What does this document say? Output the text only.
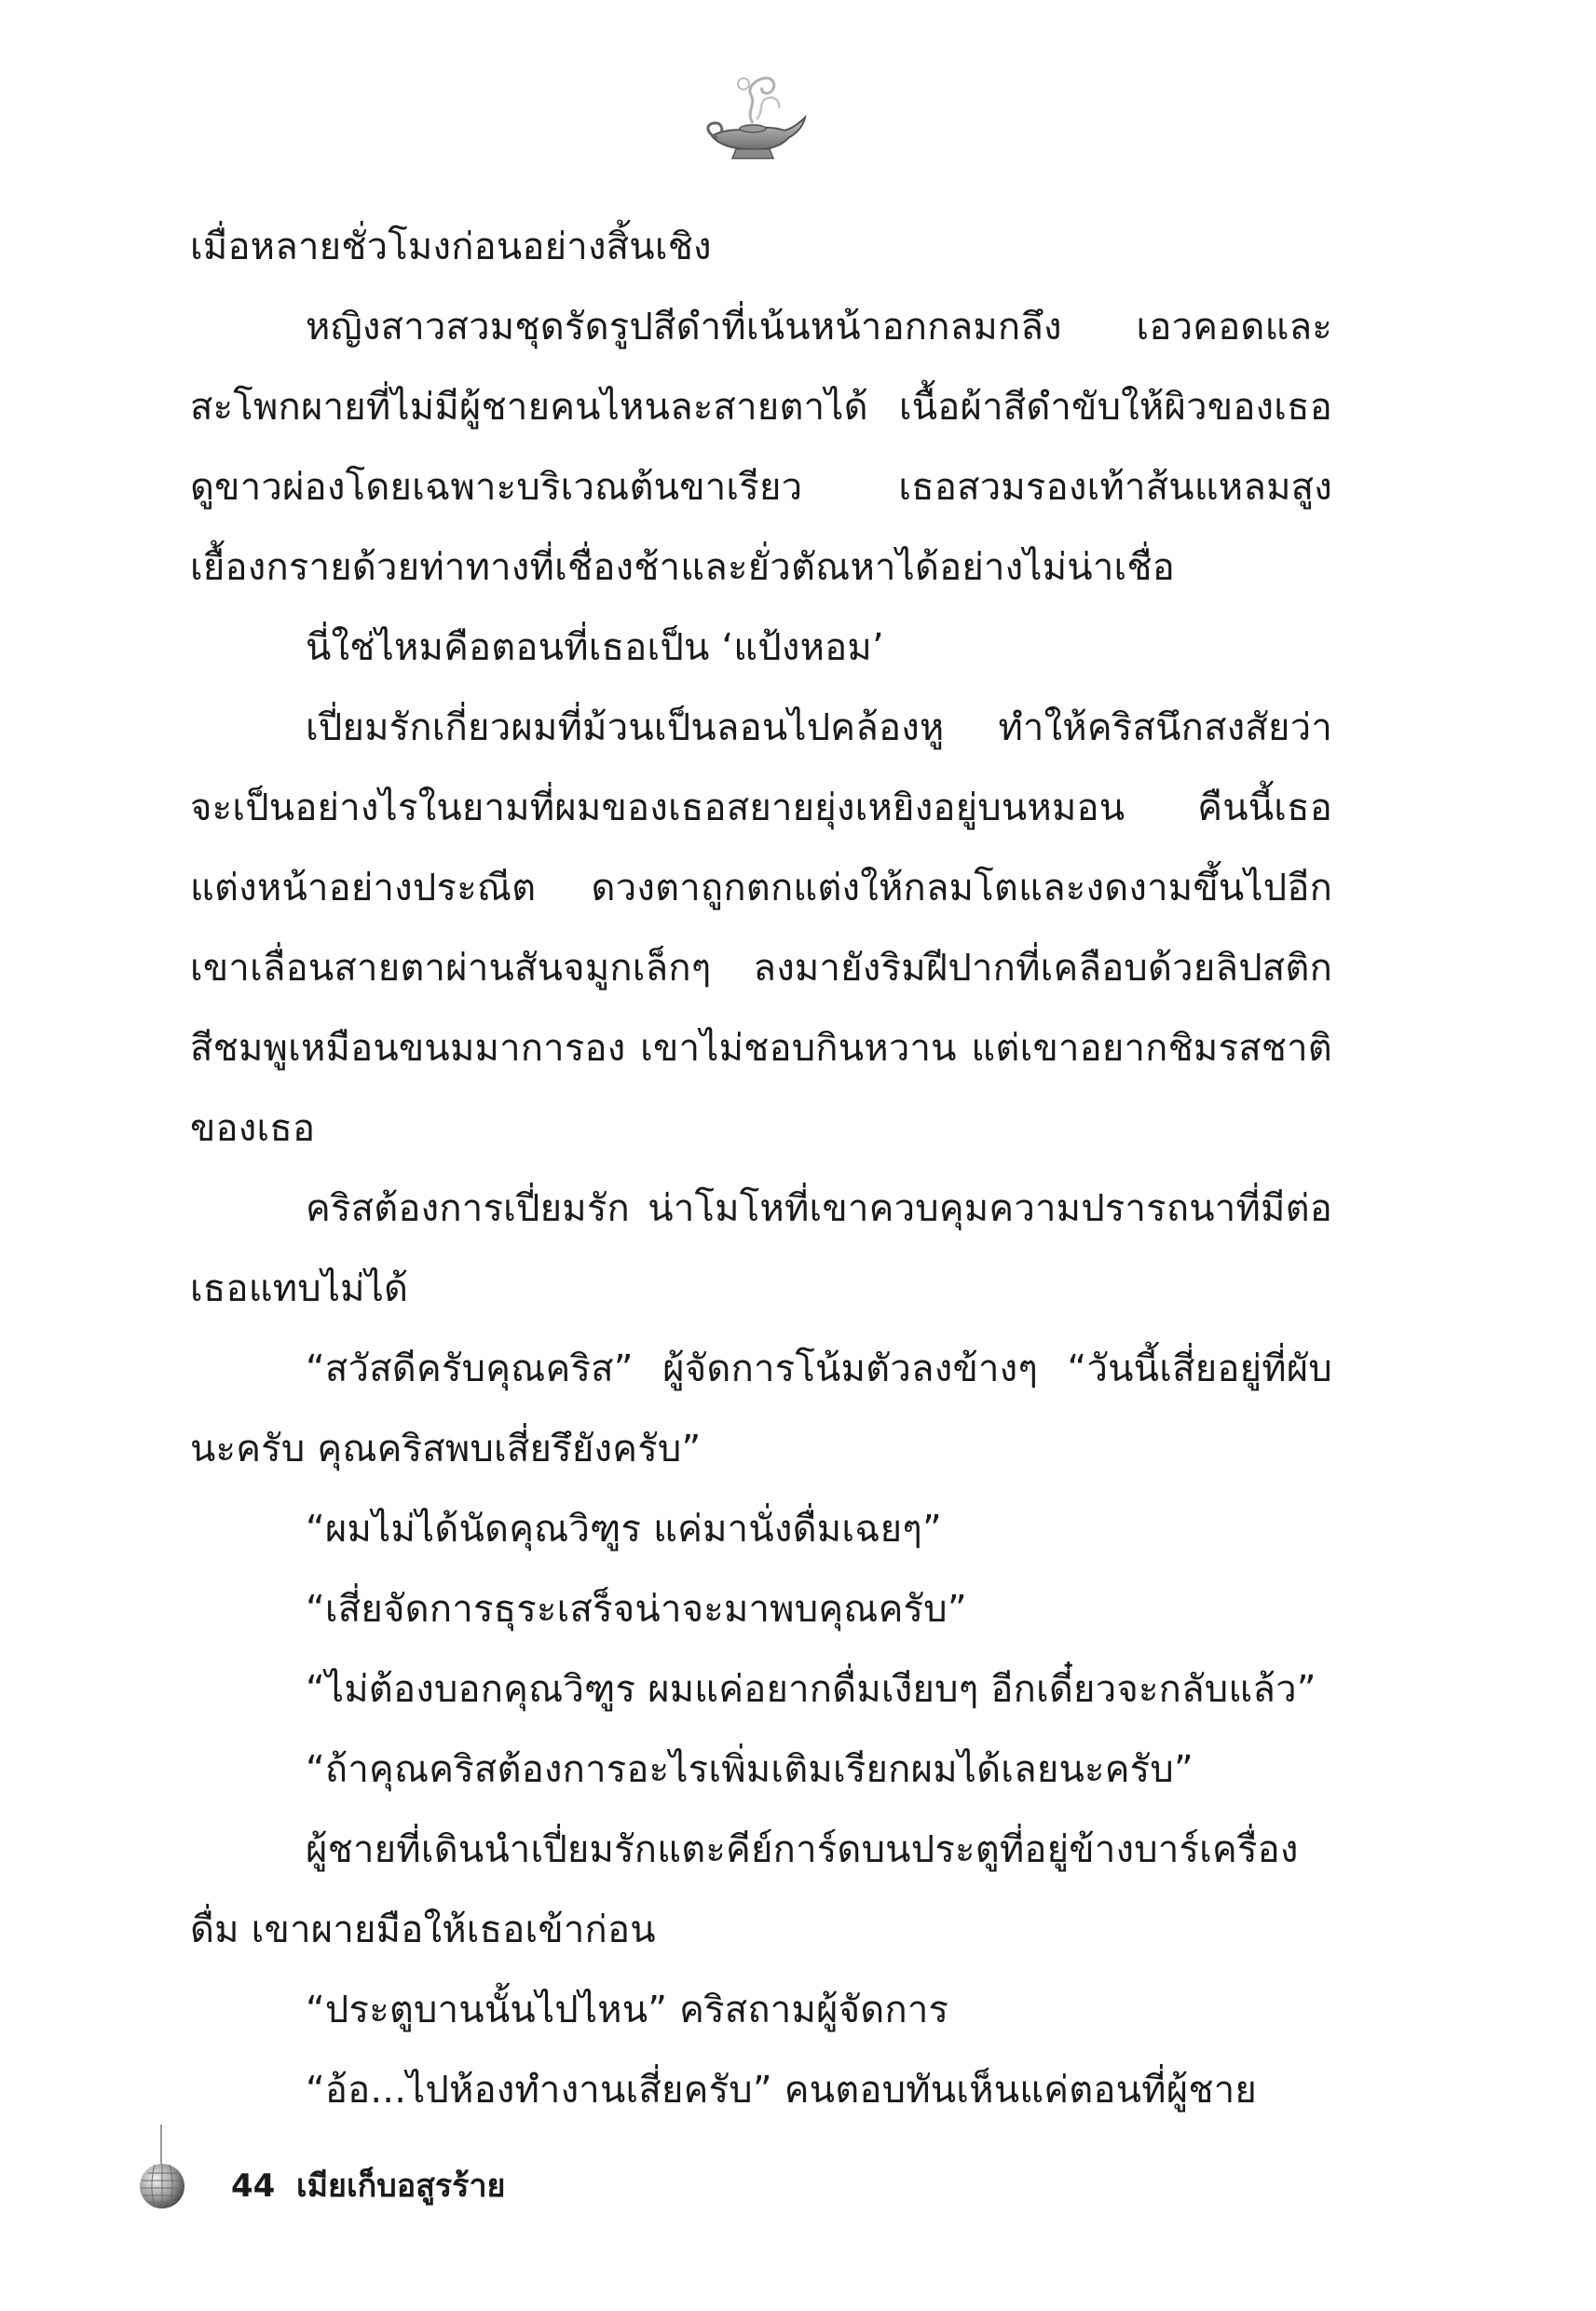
เมื่อหลายชั่วโมงก่อนอย่างสิ้นเชิง

หญิงสาวสวมชุดรัดรูปสีดำที่เน้นหน้าอกกลมกลึง เอวคอดและสะโพกผายที่ไม่มีผู้ชายคนไหนละสายตาได้ เนื้อผ้าสีดำขับให้ผิวของเธอดูขาวผ่องโดยเฉพาะบริเวณต้นขาเรียว เธอสวมรองเท้าส้นแหลมสูง เยื้องกรายด้วยท่าทางที่เชื่องช้าและยั่วตัณหาได้อย่างไม่น่าเชื่อ

นี่ใช่ไหมคือตอนที่เธอเป็น ‘แป้งหอม’

เปี่ยมรักเกี่ยวผมที่ม้วนเป็นลอนไปคล้องหู ทำให้คริสนึกสงสัยว่าจะเป็นอย่างไรในยามที่ผมของเธอสยายยุ่งเหยิงอยู่บนหมอน คืนนี้เธอแต่งหน้าอย่างประณีต ดวงตาถูกตกแต่งให้กลมโตและงดงามขึ้นไปอีก เขาเลื่อนสายตาผ่านสันจมูกเล็กๆ ลงมายังริมฝีปากที่เคลือบด้วยลิปสติกสีชมพูเหมือนขนมมาการอง เขาไม่ชอบกินหวาน แต่เขาอยากชิมรสชาติของเธอ

คริสต้องการเปี่ยมรัก น่าโมโหที่เขาควบคุมความปรารถนาที่มีต่อเธอแทบไม่ได้

“สวัสดีครับคุณคริส” ผู้จัดการโน้มตัวลงข้างๆ “วันนี้เสี่ยอยู่ที่ผับนะครับ คุณคริสพบเสี่ยรึยังครับ”

“ผมไม่ได้นัดคุณวิฑูร แค่มานั่งดื่มเฉยๆ”

“เสี่ยจัดการธุระเสร็จน่าจะมาพบคุณครับ”

“ไม่ต้องบอกคุณวิฑูร ผมแค่อยากดื่มเงียบๆ อีกเดี๋ยวจะกลับแล้ว”

“ถ้าคุณคริสต้องการอะไรเพิ่มเติมเรียกผมได้เลยนะครับ”

ผู้ชายที่เดินนำเปี่ยมรักแตะคีย์การ์ดบนประตูที่อยู่ข้างบาร์เครื่องดื่ม เขาผายมือให้เธอเข้าก่อน

“ประตูบานนั้นไปไหน” คริสถามผู้จัดการ

“อ้อ...ไปห้องทำงานเสี่ยครับ” คนตอบทันเห็นแค่ตอนที่ผู้ชาย

44 เมียเก็บอสูรร้าย
